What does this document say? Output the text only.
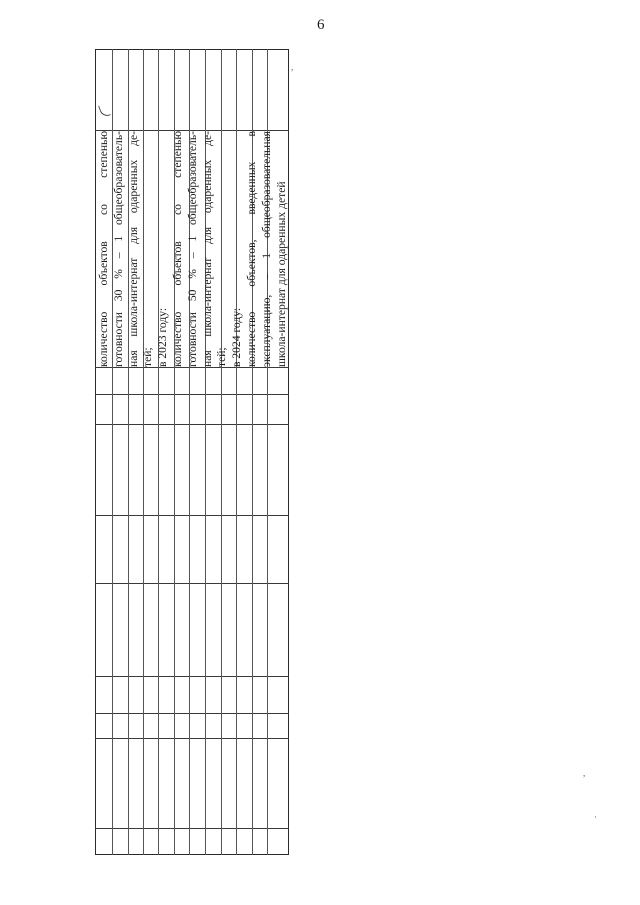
6
количество объектов со степенью готовности 30 % – 1 общеобразователь- ная школа-интернат для одаренных де- тей; в 2023 году: количество объектов со степенью готовности 50 % – 1 общеобразователь- ная школа-интернат для одаренных де- тей; в 2024 году: количество объектов, введенных в эксплуатацию, – 1 общеобразовательная школа-интернат для одаренных детей
,
,
·
